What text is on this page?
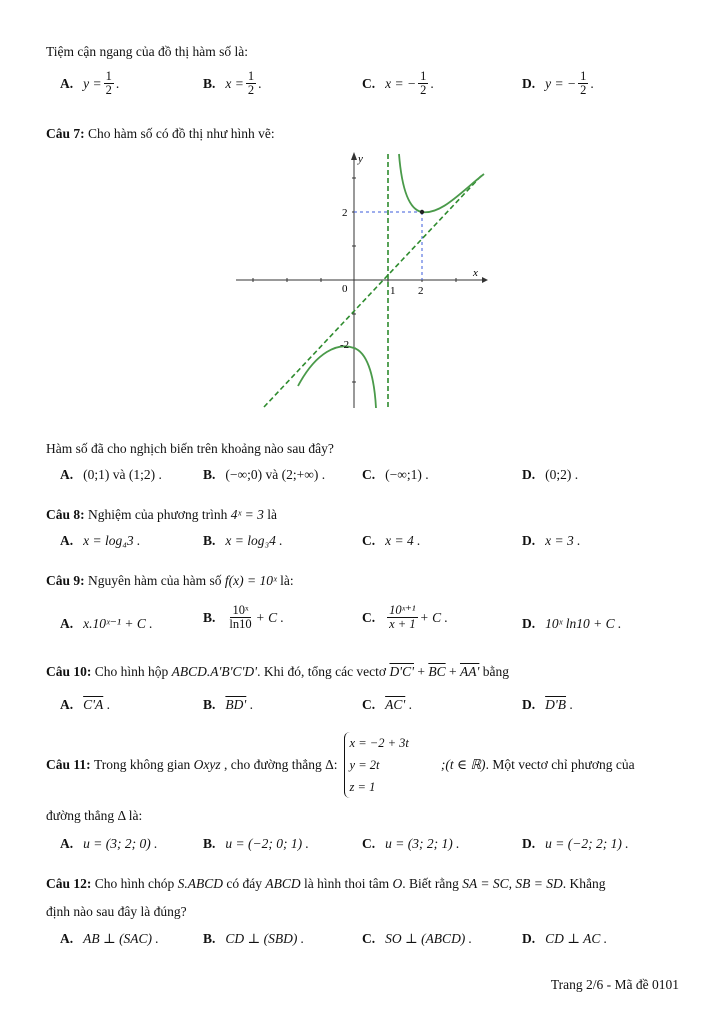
Tiệm cận ngang của đồ thị hàm số là:
A. $y = \frac{1}{2}$ .	B. $x = \frac{1}{2}$ .	C. x = − $\frac{1}{2}$ .	D. y = − $\frac{1}{2}$ .
Câu 7: Cho hàm số có đồ thị như hình vẽ:
x
y
0	1 2
2
-2
Hàm số đã cho nghịch biến trên khoảng nào sau đây?
A. (0;1) và (1;2) .	B. (−∞;0) và (2;+∞) .	C. (−∞;1) .	D. (0;2) .
Câu 8: Nghiệm của phương trình 4ˣ = 3 là
A. x = log₄3 .	B. x = log₃4 .	C. x = 4 .	D. x = 3 .
Câu 9: Nguyên hàm của hàm số f(x) = 10ˣ là:
A. x.10ˣ⁻¹ + C .	B. $\frac{\text{10ˣ}}{\ln 10} + C$ .	C. $\frac{\text{10ˣ⁺¹}}{x + 1} + C$ .	D. 10ˣ ln10 + C .
Câu 10: Cho hình hộp ABCD.A'B'C'D'. Khi đó, tổng các vectơ $D'C' + \overline{BC} + AA'$ bằng
A. C'A
.	B. BD'
.	C. AC'
.	D. D'B
.
Câu 11:
Trong không gian
Oxyz
, cho đường thẳng
Δ:
x = −2 + 3t
y = 2t
z = 1
;(t ∈ ℝ) . Một vectơ chỉ phương của
đường thẳng Δ là:
A. u = (3; 2; 0) .	B. u = (−2; 0; 1) .	C. u = (3; 2; 1) .	D. u = (−2; 2; 1) .
Câu 12: Cho hình chóp S.ABCD có đáy ABCD là hình thoi tâm O. Biết rằng SA = SC, SB = SD. Khẳng
định nào sau đây là đúng?
A. AB ⊥ (SAC) .	B. CD ⊥ (SBD) .	C. SO ⊥ (ABCD) .	D. CD ⊥ AC .
Trang 2/6 - Mã đề 0101
